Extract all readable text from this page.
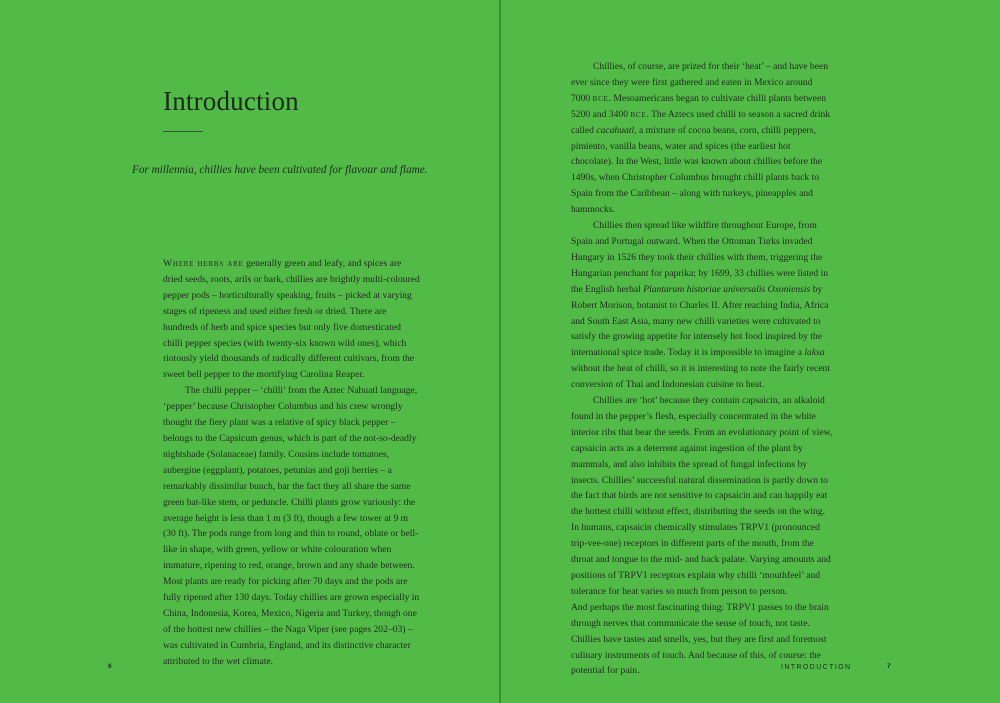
Introduction

For millennia, chillies have been cultivated for flavour and flame.

Where herbs are generally green and leafy, and spices are dried seeds, roots, arils or bark, chillies are brightly multi-coloured pepper pods – horticulturally speaking, fruits – picked at varying stages of ripeness and used either fresh or dried. There are hundreds of herb and spice species but only five domesticated chilli pepper species (with twenty-six known wild ones), which riotously yield thousands of radically different cultivars, from the sweet bell pepper to the mortifying Carolina Reaper.

The chilli pepper – ‘chilli’ from the Aztec Nahuatl language, ‘pepper’ because Christopher Columbus and his crew wrongly thought the fiery plant was a relative of spicy black pepper – belongs to the Capsicum genus, which is part of the not-so-deadly nightshade (Solanaceae) family. Cousins include tomatoes, aubergine (eggplant), potatoes, petunias and goji berries – a remarkably dissimilar bunch, bar the fact they all share the same green hat-like stem, or peduncle. Chilli plants grow variously: the average height is less than 1 m (3 ft), though a few tower at 9 m (30 ft). The pods range from long and thin to round, oblate or bell-like in shape, with green, yellow or white colouration when immature, ripening to red, orange, brown and any shade between. Most plants are ready for picking after 70 days and the pods are fully ripened after 130 days. Today chillies are grown especially in China, Indonesia, Korea, Mexico, Nigeria and Turkey, though one of the hottest new chillies – the Naga Viper (see pages 202–03) – was cultivated in Cumbria, England, and its distinctive character attributed to the wet climate.

6

Chillies, of course, are prized for their ‘heat’ – and have been ever since they were first gathered and eaten in Mexico around 7000 bce. Mesoamericans began to cultivate chilli plants between 5200 and 3400 bce. The Aztecs used chilli to season a sacred drink called cacahuatl, a mixture of cocoa beans, corn, chilli peppers, pimiento, vanilla beans, water and spices (the earliest hot chocolate). In the West, little was known about chillies before the 1490s, when Christopher Columbus brought chilli plants back to Spain from the Caribbean – along with turkeys, pineapples and hammocks.

Chillies then spread like wildfire throughout Europe, from Spain and Portugal outward. When the Ottoman Turks invaded Hungary in 1526 they took their chillies with them, triggering the Hungarian penchant for paprika; by 1699, 33 chillies were listed in the English herbal Plantarum historiae universalis Oxoniensis by Robert Morison, botanist to Charles II. After reaching India, Africa and South East Asia, many new chilli varieties were cultivated to satisfy the growing appetite for intensely hot food inspired by the international spice trade. Today it is impossible to imagine a laksa without the heat of chilli, so it is interesting to note the fairly recent conversion of Thai and Indonesian cuisine to heat.

Chillies are ‘hot’ because they contain capsaicin, an alkaloid found in the pepper’s flesh, especially concentrated in the white interior ribs that bear the seeds. From an evolutionary point of view, capsaicin acts as a deterrent against ingestion of the plant by mammals, and also inhibits the spread of fungal infections by insects. Chillies’ successful natural dissemination is partly down to the fact that birds are not sensitive to capsaicin and can happily eat the hottest chilli without effect, distributing the seeds on the wing. In humans, capsaicin chemically stimulates TRPV1 (pronounced trip-vee-one) receptors in different parts of the mouth, from the throat and tongue to the mid- and back palate. Varying amounts and positions of TRPV1 receptors explain why chilli ‘mouthfeel’ and tolerance for heat varies so much from person to person.

And perhaps the most fascinating thing: TRPV1 passes to the brain through nerves that communicate the sense of touch, not taste. Chillies have tastes and smells, yes, but they are first and foremost culinary instruments of touch. And because of this, of course: the potential for pain.	INTRODUCTION	7
